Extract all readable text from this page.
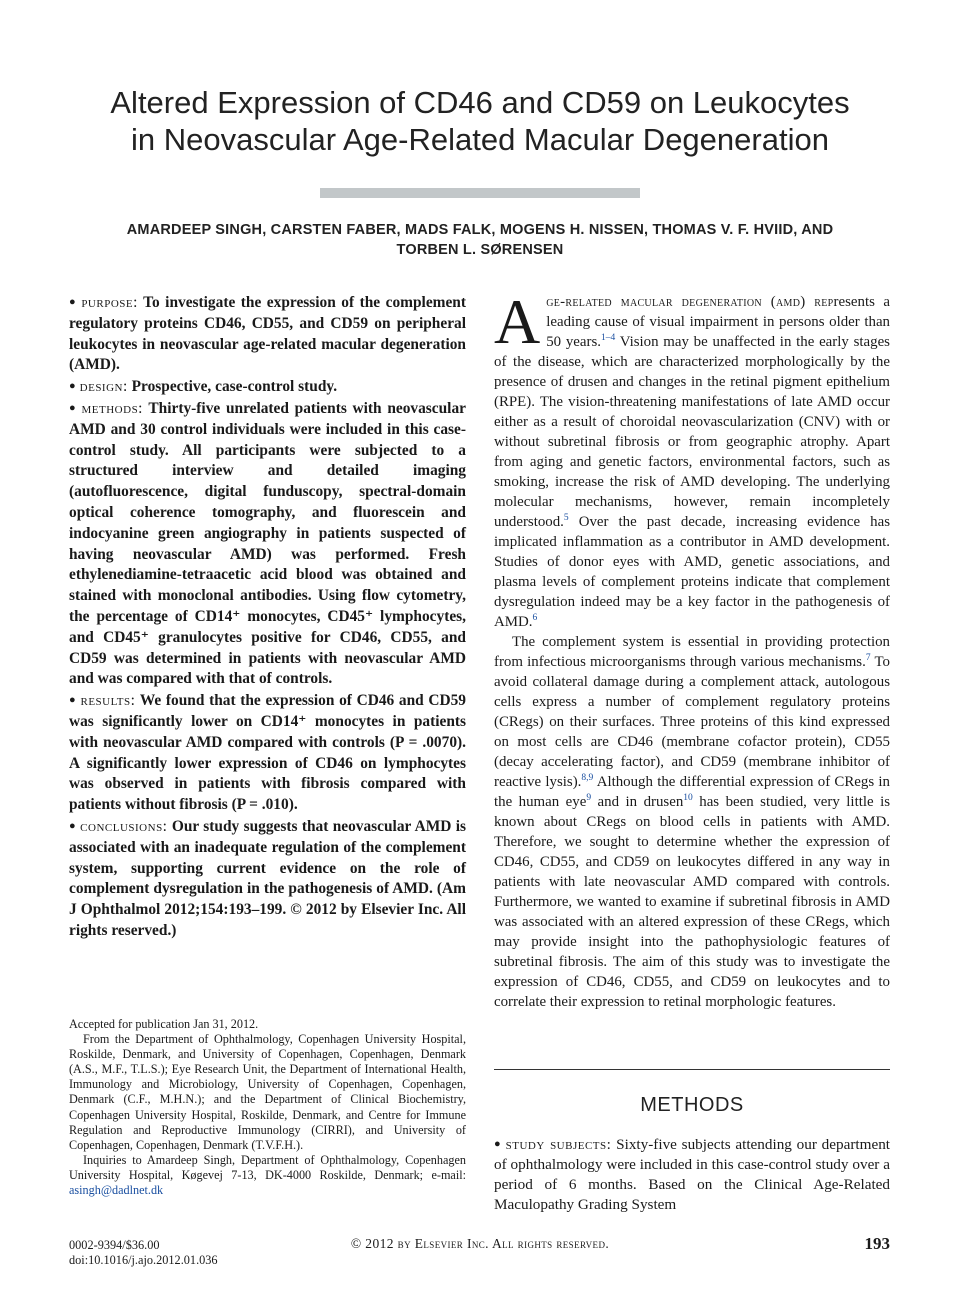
Altered Expression of CD46 and CD59 on Leukocytes
in Neovascular Age-Related Macular Degeneration
AMARDEEP SINGH, CARSTEN FABER, MADS FALK, MOGENS H. NISSEN, THOMAS V. F. HVIID, AND
TORBEN L. SØRENSEN

● purpose: To investigate the expression of the complement regulatory proteins CD46, CD55, and CD59 on peripheral leukocytes in neovascular age-related macular degeneration (AMD).

● design: Prospective, case-control study.

● methods: Thirty-five unrelated patients with neovascular AMD and 30 control individuals were included in this case-control study. All participants were subjected to a structured interview and detailed imaging (autofluorescence, digital funduscopy, spectral-domain optical coherence tomography, and fluorescein and indocyanine green angiography in patients suspected of having neovascular AMD) was performed. Fresh ethylenediamine-tetraacetic acid blood was obtained and stained with monoclonal antibodies. Using flow cytometry, the percentage of CD14⁺ monocytes, CD45⁺ lymphocytes, and CD45⁺ granulocytes positive for CD46, CD55, and CD59 was determined in patients with neovascular AMD and was compared with that of controls.

● results: We found that the expression of CD46 and CD59 was significantly lower on CD14⁺ monocytes in patients with neovascular AMD compared with controls (P = .0070). A significantly lower expression of CD46 on lymphocytes was observed in patients with fibrosis compared with patients without fibrosis (P = .010).

● conclusions: Our study suggests that neovascular AMD is associated with an inadequate regulation of the complement system, supporting current evidence on the role of complement dysregulation in the pathogenesis of AMD. (Am J Ophthalmol 2012;154:193–199. © 2012 by Elsevier Inc. All rights reserved.)

Accepted for publication Jan 31, 2012.

From the Department of Ophthalmology, Copenhagen University Hospital, Roskilde, Denmark, and University of Copenhagen, Copenhagen, Denmark (A.S., M.F., T.L.S.); Eye Research Unit, the Department of International Health, Immunology and Microbiology, University of Copenhagen, Copenhagen, Denmark (C.F., M.H.N.); and the Department of Clinical Biochemistry, Copenhagen University Hospital, Roskilde, Denmark, and Centre for Immune Regulation and Reproductive Immunology (CIRRI), and University of Copenhagen, Copenhagen, Denmark (T.V.F.H.).

Inquiries to Amardeep Singh, Department of Ophthalmology, Copenhagen University Hospital, Køgevej 7-13, DK-4000 Roskilde, Denmark; e-mail: asingh@dadlnet.dk

Age-related macular degeneration (amd) represents a leading cause of visual impairment in persons older than 50 years.$^{1-4}$ Vision may be unaffected in the early stages of the disease, which are characterized morphologically by the presence of drusen and changes in the retinal pigment epithelium (RPE). The vision-threatening manifestations of late AMD occur either as a result of choroidal neovascularization (CNV) with or without subretinal fibrosis or from geographic atrophy. Apart from aging and genetic factors, environmental factors, such as smoking, increase the risk of AMD developing. The underlying molecular mechanisms, however, remain incompletely understood.$^5$ Over the past decade, increasing evidence has implicated inflammation as a contributor in AMD development. Studies of donor eyes with AMD, genetic associations, and plasma levels of complement proteins indicate that complement dysregulation indeed may be a key factor in the pathogenesis of AMD.$^6$

The complement system is essential in providing protection from infectious microorganisms through various mechanisms.$^7$ To avoid collateral damage during a complement attack, autologous cells express a number of complement regulatory proteins (CRegs) on their surfaces. Three proteins of this kind expressed on most cells are CD46 (membrane cofactor protein), CD55 (decay accelerating factor), and CD59 (membrane inhibitor of reactive lysis).$^{8,9}$ Although the differential expression of CRegs in the human eye$^9$ and in drusen$^{10}$ has been studied, very little is known about CRegs on blood cells in patients with AMD. Therefore, we sought to determine whether the expression of CD46, CD55, and CD59 on leukocytes differed in any way in patients with late neovascular AMD compared with controls. Furthermore, we wanted to examine if subretinal fibrosis in AMD was associated with an altered expression of these CRegs, which may provide insight into the pathophysiologic features of subretinal fibrosis. The aim of this study was to investigate the expression of CD46, CD55, and CD59 on leukocytes and to correlate their expression to retinal morphologic features.

METHODS

● study subjects: Sixty-five subjects attending our department of ophthalmology were included in this case-control study over a period of 6 months. Based on the Clinical Age-Related Maculopathy Grading System

0002-9394/$36.00
doi:10.1016/j.ajo.2012.01.036
© 2012 by Elsevier Inc. All rights reserved.	193
